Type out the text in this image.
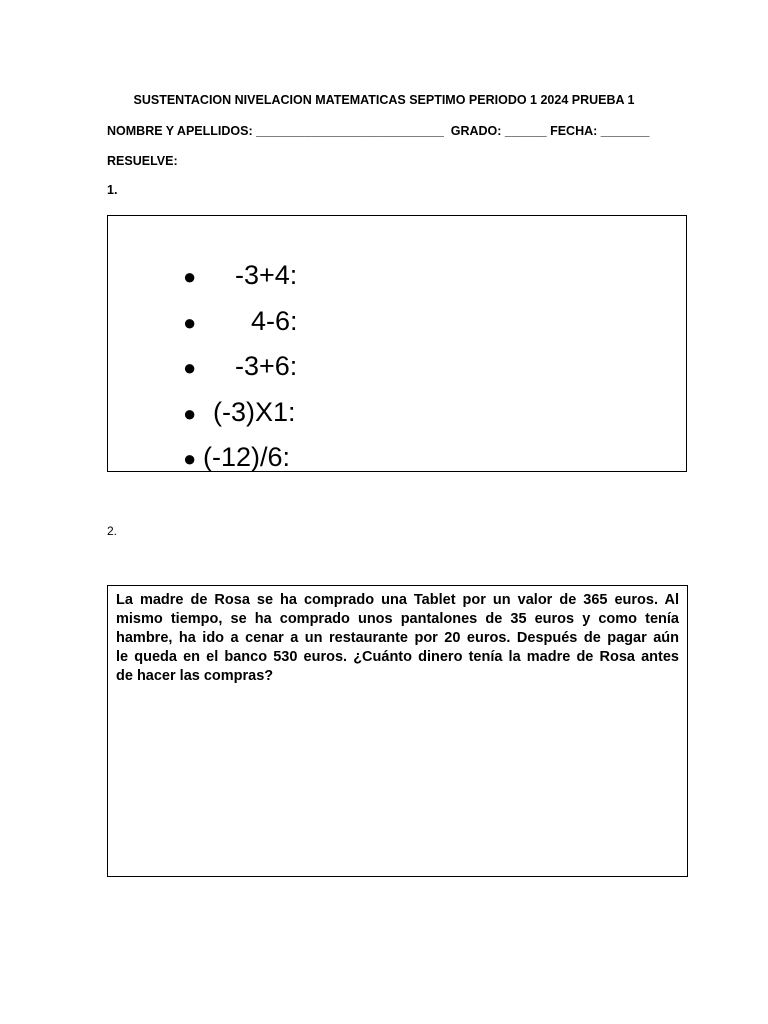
SUSTENTACION NIVELACION MATEMATICAS SEPTIMO PERIODO 1 2024 PRUEBA 1
NOMBRE Y APELLIDOS: ___________________________  GRADO: ______ FECHA: _______
RESUELVE:
1.

● -3+4:

● 4-6:

● -3+6:

● (-3)X1:

● (-12)/6:

2.

La madre de Rosa se ha comprado una Tablet por un valor de 365 euros. Al

mismo tiempo, se ha comprado unos pantalones de 35 euros y como tenía

hambre, ha ido a cenar a un restaurante por 20 euros. Después de pagar aún

le queda en el banco 530 euros. ¿Cuánto dinero tenía la madre de Rosa antes

de hacer las compras?
